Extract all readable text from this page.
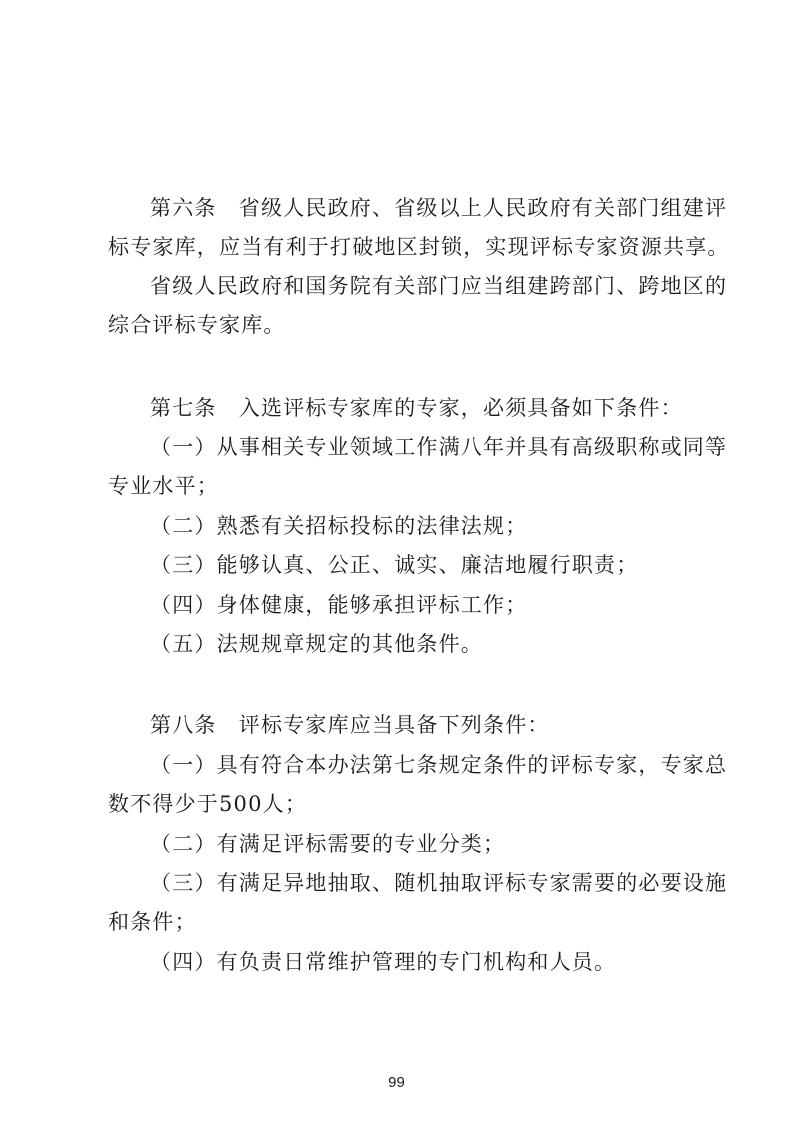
第六条　省级人民政府、省级以上人民政府有关部门组建评
标专家库，应当有利于打破地区封锁，实现评标专家资源共享。
省级人民政府和国务院有关部门应当组建跨部门、跨地区的
综合评标专家库。
第七条　入选评标专家库的专家，必须具备如下条件：
（一）从事相关专业领域工作满八年并具有高级职称或同等
专业水平；
（二）熟悉有关招标投标的法律法规；
（三）能够认真、公正、诚实、廉洁地履行职责；
（四）身体健康，能够承担评标工作；
（五）法规规章规定的其他条件。
第八条　评标专家库应当具备下列条件：
（一）具有符合本办法第七条规定条件的评标专家，专家总
数不得少于500人；
（二）有满足评标需要的专业分类；
（三）有满足异地抽取、随机抽取评标专家需要的必要设施
和条件；
（四）有负责日常维护管理的专门机构和人员。
99
